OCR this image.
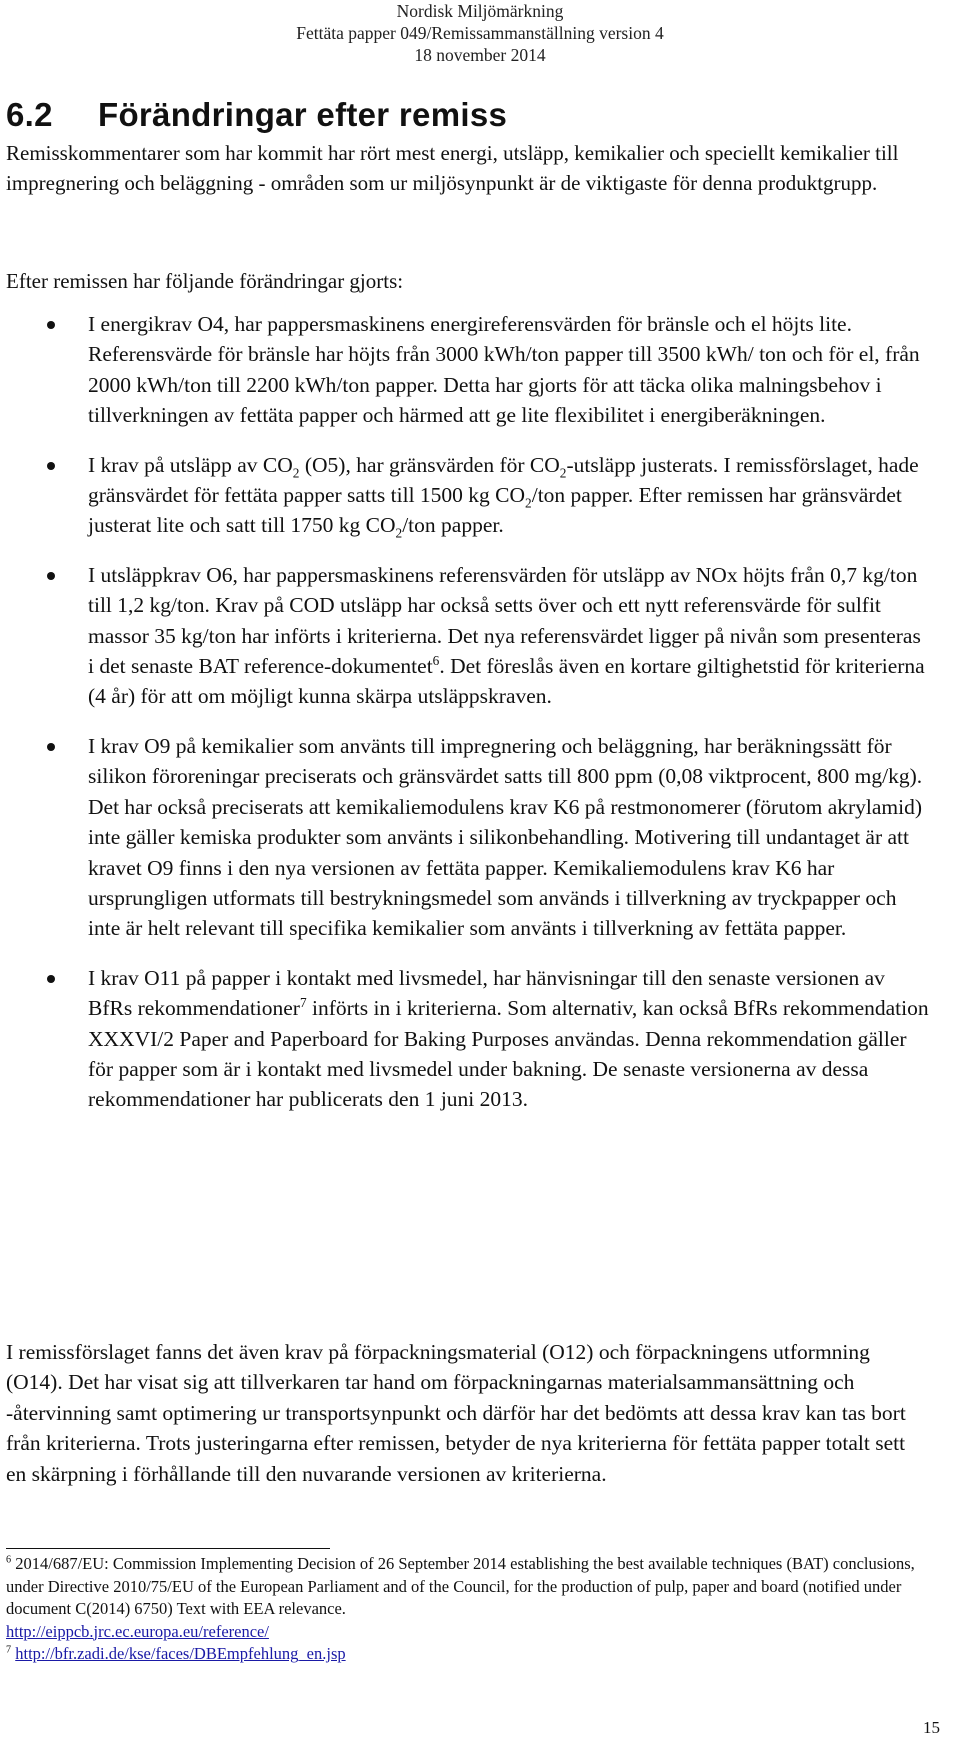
Nordisk Miljömärkning
Fettäta papper 049/Remissammanställning version 4
18 november 2014
6.2 Förändringar efter remiss

Remisskommentarer som har kommit har rört mest energi, utsläpp, kemikalier och speciellt kemikalier till impregnering och beläggning - områden som ur miljösynpunkt är de viktigaste för denna produktgrupp.

Efter remissen har följande förändringar gjorts:

I energikrav O4, har pappersmaskinens energireferensvärden för bränsle och el höjts lite. Referensvärde för bränsle har höjts från 3000 kWh/ton papper till 3500 kWh/ ton och för el, från 2000 kWh/ton till 2200 kWh/ton papper. Detta har gjorts för att täcka olika malningsbehov i tillverkningen av fettäta papper och härmed att ge lite flexibilitet i energiberäkningen.
I krav på utsläpp av $CO_2$ (O5), har gränsvärden för $CO_2$-utsläpp justerats. I remissförslaget, hade gränsvärdet för fettäta papper satts till 1500 kg $CO_2$/ton papper. Efter remissen har gränsvärdet justerat lite och satt till 1750 kg $CO_2$/ton papper.
I utsläppkrav O6, har pappersmaskinens referensvärden för utsläpp av NOx höjts från 0,7 kg/ton till 1,2 kg/ton. Krav på COD utsläpp har också setts över och ett nytt referensvärde för sulfit massor 35 kg/ton har införts i kriterierna. Det nya referensvärdet ligger på nivån som presenteras i det senaste BAT reference-dokumentet$^6$. Det föreslås även en kortare giltighetstid för kriterierna (4 år) för att om möjligt kunna skärpa utsläppskraven.
I krav O9 på kemikalier som använts till impregnering och beläggning, har beräkningssätt för silikon föroreningar preciserats och gränsvärdet satts till 800 ppm (0,08 viktprocent, 800 mg/kg). Det har också preciserats att kemikaliemodulens krav K6 på restmonomerer (förutom akrylamid) inte gäller kemiska produkter som använts i silikonbehandling. Motivering till undantaget är att kravet O9 finns i den nya versionen av fettäta papper. Kemikaliemodulens krav K6 har ursprungligen utformats till bestrykningsmedel som används i tillverkning av tryckpapper och inte är helt relevant till specifika kemikalier som använts i tillverkning av fettäta papper.
I krav O11 på papper i kontakt med livsmedel, har hänvisningar till den senaste versionen av BfRs rekommendationer$^7$ införts in i kriterierna. Som alternativ, kan också BfRs rekommendation XXXVI/2 Paper and Paperboard for Baking Purposes användas. Denna rekommendation gäller för papper som är i kontakt med livsmedel under bakning. De senaste versionerna av dessa rekommendationer har publicerats den 1 juni 2013.

I remissförslaget fanns det även krav på förpackningsmaterial (O12) och förpackningens utformning (O14). Det har visat sig att tillverkaren tar hand om förpackningarnas materialsammansättning och -återvinning samt optimering ur transportsynpunkt och därför har det bedömts att dessa krav kan tas bort från kriterierna. Trots justeringarna efter remissen, betyder de nya kriterierna för fettäta papper totalt sett en skärpning i förhållande till den nuvarande versionen av kriterierna.

$^6$ 2014/687/EU: Commission Implementing Decision of 26 September 2014 establishing the best available techniques (BAT) conclusions, under Directive 2010/75/EU of the European Parliament and of the Council, for the production of pulp, paper and board (notified under document C(2014) 6750) Text with EEA relevance.

http://eippcb.jrc.ec.europa.eu/reference/

$^7$ http://bfr.zadi.de/kse/faces/DBEmpfehlung_en.jsp

15
